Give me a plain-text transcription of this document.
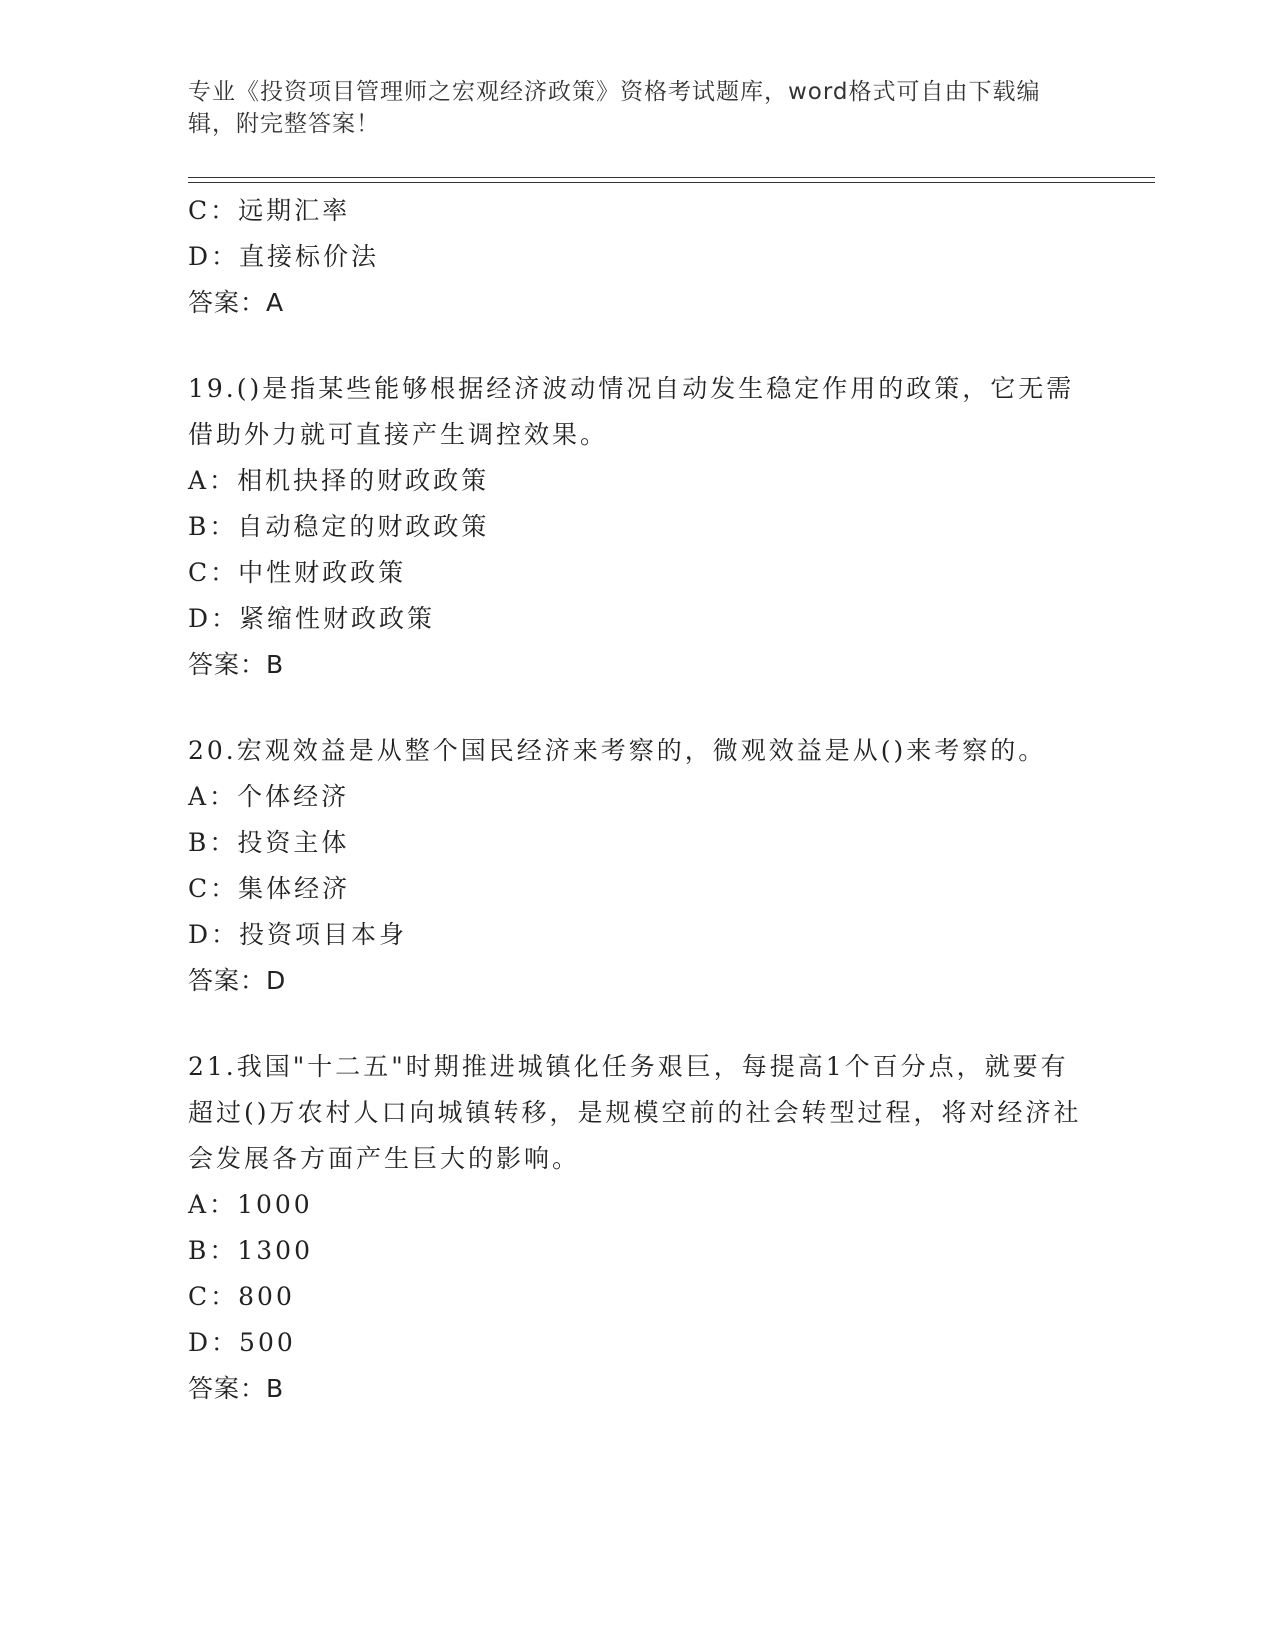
专业《投资项目管理师之宏观经济政策》资格考试题库，word格式可自由下载编辑，附完整答案！
C：远期汇率
D：直接标价法
答案：A
19.()是指某些能够根据经济波动情况自动发生稳定作用的政策，它无需借助外力就可直接产生调控效果。
A：相机抉择的财政政策
B：自动稳定的财政政策
C：中性财政政策
D：紧缩性财政政策
答案：B
20.宏观效益是从整个国民经济来考察的，微观效益是从()来考察的。
A：个体经济
B：投资主体
C：集体经济
D：投资项目本身
答案：D
21.我国"十二五"时期推进城镇化任务艰巨，每提高1个百分点，就要有超过()万农村人口向城镇转移，是规模空前的社会转型过程，将对经济社会发展各方面产生巨大的影响。
A：1000
B：1300
C：800
D：500
答案：B
